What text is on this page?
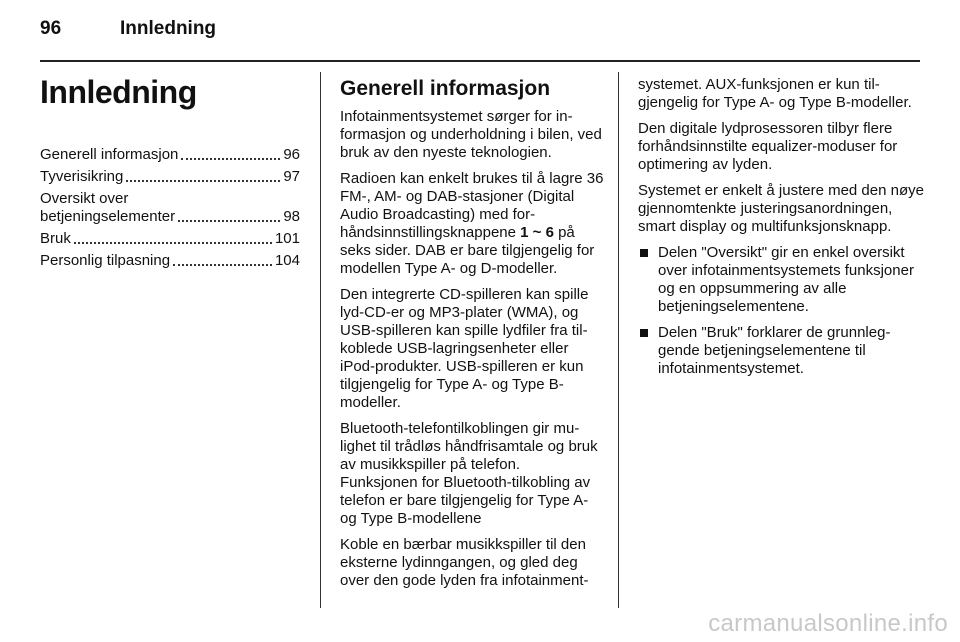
96	Innledning
Innledning
Generell informasjon	96
Tyverisikring	97
Oversikt over
betjeningselementer	98
Bruk	101
Personlig tilpasning	104
Generell informasjon

Infotainmentsystemet sørger for informasjon og underholdning i bilen, ved bruk av den nyeste teknologien.

Radioen kan enkelt brukes til å lagre 36 FM-, AM- og DAB-stasjoner (Digital Audio Broadcasting) med forhåndsinnstillingsknappene 1 ~ 6 på seks sider. DAB er bare tilgjengelig for modellen Type A- og D-modeller.

Den integrerte CD-spilleren kan spille lyd-CD-er og MP3-plater (WMA), og USB-spilleren kan spille lydfiler fra tilkoblede USB-lagringsenheter eller iPod-produkter. USB-spilleren er kun tilgjengelig for Type A- og Type B-modeller.

Bluetooth-telefontilkoblingen gir mulighet til trådløs håndfrisamtale og bruk av musikkspiller på telefon.

Funksjonen for Bluetooth-tilkobling av telefon er bare tilgjengelig for Type A- og Type B-modellene

Koble en bærbar musikkspiller til den eksterne lydinngangen, og gled deg over den gode lyden fra infotainment-

systemet. AUX-funksjonen er kun tilgjengelig for Type A- og Type B-modeller.

Den digitale lydprosessoren tilbyr flere forhåndsinnstilte equalizer-moduser for optimering av lyden.

Systemet er enkelt å justere med den nøye gjennomtenkte justeringsanordningen, smart display og multifunksjonsknapp.

Delen "Oversikt" gir en enkel oversikt over infotainmentsystemets funksjoner og en oppsummering av alle betjeningselementene.
Delen "Bruk" forklarer de grunnleggende betjeningselementene til infotainmentsystemet.
carmanualsonline.info
